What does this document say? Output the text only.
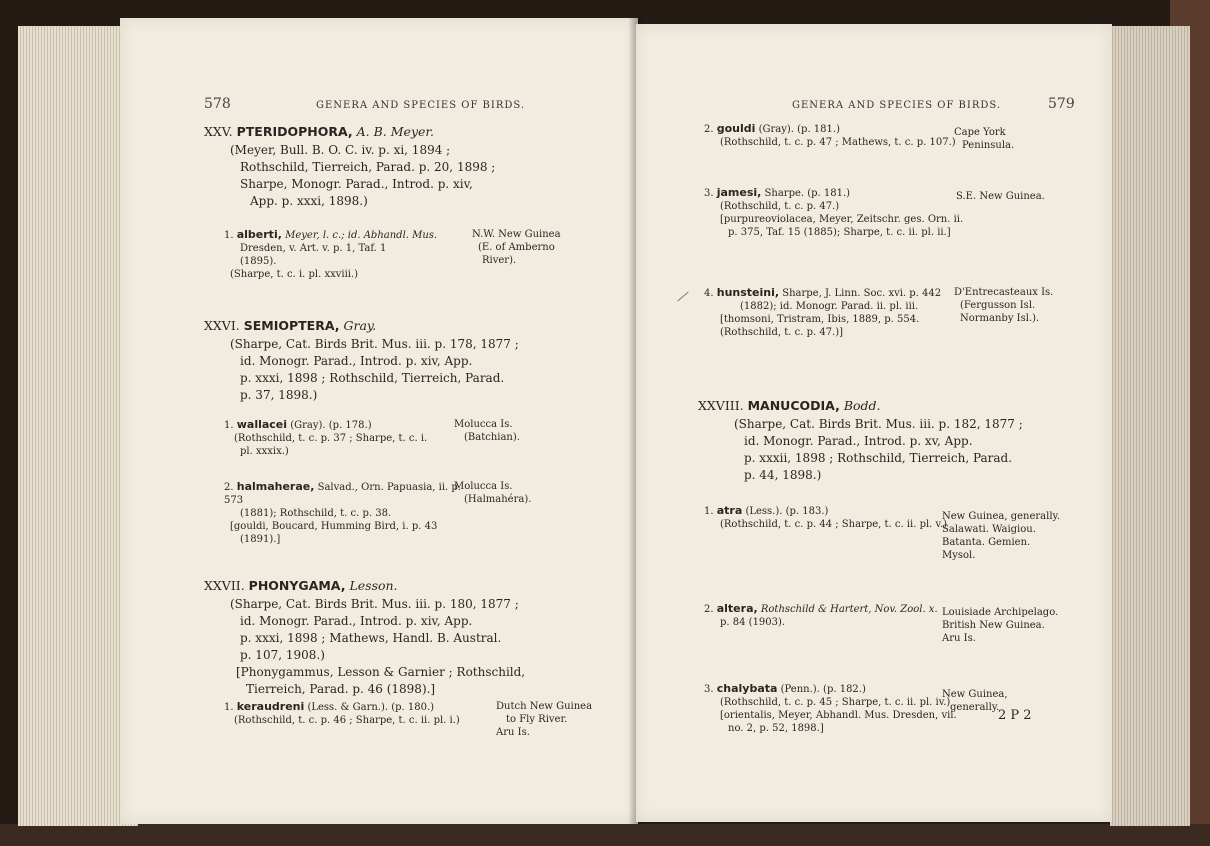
578	GENERA AND SPECIES OF BIRDS.
XXV. PTERIDOPHORA, A. B. Meyer.
(Meyer, Bull. B. O. C. iv. p. xi, 1894 ;
Rothschild, Tierreich, Parad. p. 20, 1898 ;
Sharpe, Monogr. Parad., Introd. p. xiv,
App. p. xxxi, 1898.)
1. alberti, Meyer, l. c.; id. Abhandl. Mus.
Dresden, v. Art. v. p. 1, Taf. 1
(1895).
(Sharpe, t. c. i. pl. xxviii.)
N.W. New Guinea
(E. of Amberno
River).
XXVI. SEMIOPTERA, Gray.
(Sharpe, Cat. Birds Brit. Mus. iii. p. 178, 1877 ;
id. Monogr. Parad., Introd. p. xiv, App.
p. xxxi, 1898 ; Rothschild, Tierreich, Parad.
p. 37, 1898.)
1. wallacei (Gray). (p. 178.)
(Rothschild, t. c. p. 37 ; Sharpe, t. c. i.
pl. xxxix.)
Molucca Is.
(Batchian).
2. halmaherae, Salvad., Orn. Papuasia, ii. p. 573
(1881); Rothschild, t. c. p. 38.
[gouldi, Boucard, Humming Bird, i. p. 43
(1891).]
Molucca Is.
(Halmahéra).
XXVII. PHONYGAMA, Lesson.
(Sharpe, Cat. Birds Brit. Mus. iii. p. 180, 1877 ;
id. Monogr. Parad., Introd. p. xiv, App.
p. xxxi, 1898 ; Mathews, Handl. B. Austral.
p. 107, 1908.)
[Phonygammus, Lesson & Garnier ; Rothschild,
Tierreich, Parad. p. 46 (1898).]
1. keraudreni (Less. & Garn.). (p. 180.)
(Rothschild, t. c. p. 46 ; Sharpe, t. c. ii. pl. i.)
Dutch New Guinea
to Fly River.
Aru Is.
GENERA AND SPECIES OF BIRDS.	579
2. gouldi (Gray). (p. 181.)
(Rothschild, t. c. p. 47 ; Mathews, t. c. p. 107.)
Cape York
Peninsula.
3. jamesi, Sharpe. (p. 181.)
(Rothschild, t. c. p. 47.)
[purpureoviolacea, Meyer, Zeitschr. ges. Orn. ii.
p. 375, Taf. 15 (1885); Sharpe, t. c. ii. pl. ii.]
S.E. New Guinea.
4. hunsteini, Sharpe, J. Linn. Soc. xvi. p. 442
(1882); id. Monogr. Parad. ii. pl. iii.
[thomsoni, Tristram, Ibis, 1889, p. 554.
(Rothschild, t. c. p. 47.)]
D'Entrecasteaux Is.
(Fergusson Isl.
Normanby Isl.).
XXVIII. MANUCODIA, Bodd.
(Sharpe, Cat. Birds Brit. Mus. iii. p. 182, 1877 ;
id. Monogr. Parad., Introd. p. xv, App.
p. xxxii, 1898 ; Rothschild, Tierreich, Parad.
p. 44, 1898.)
1. atra (Less.). (p. 183.)
(Rothschild, t. c. p. 44 ; Sharpe, t. c. ii. pl. v.)
New Guinea, generally.
Salawati. Waigiou.
Batanta. Gemien.
Mysol.
2. altera, Rothschild & Hartert, Nov. Zool. x.
p. 84 (1903).
Louisiade Archipelago.
British New Guinea.
Aru Is.
3. chalybata (Penn.). (p. 182.)
(Rothschild, t. c. p. 45 ; Sharpe, t. c. ii. pl. iv.)
[orientalis, Meyer, Abhandl. Mus. Dresden, vii.
no. 2, p. 52, 1898.]
New Guinea,
generally.
2 P 2
